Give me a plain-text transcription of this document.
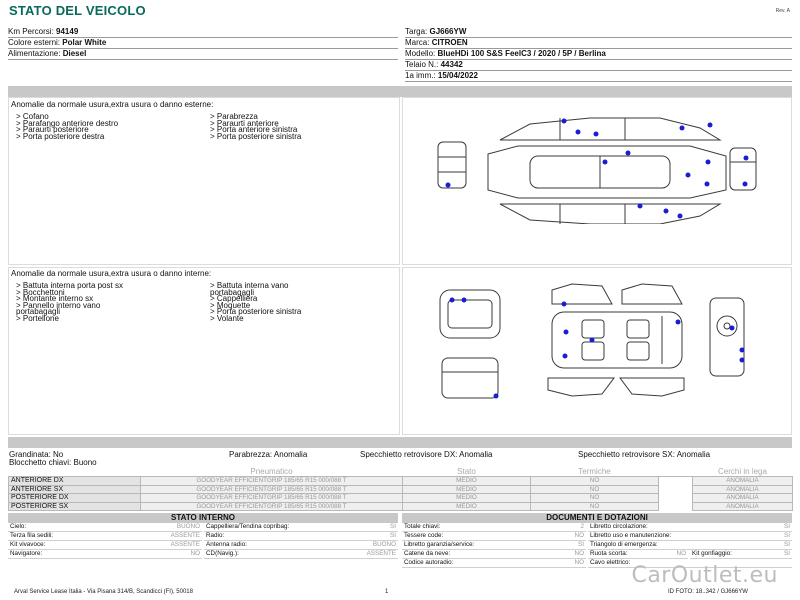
STATO DEL VEICOLO	Rev. A
Km Percorsi: 94149
Colore esterni: Polar White
Alimentazione: Diesel
Targa: GJ666YW
Marca: CITROEN
Modello: BlueHDi 100 S&S FeelC3 / 2020 / 5P / Berlina
Telaio N.: 44342
1a imm.: 15/04/2022
Anomalie da normale usura,extra usura o danno esterne:
> Cofano
> Parafango anteriore destro
> Paraurti posteriore
> Porta posteriore destra
> Parabrezza
> Paraurti anteriore
> Porta anteriore sinistra
> Porta posteriore sinistra
Anomalie da normale usura,extra usura o danno interne:
> Battuta interna porta post sx
> Bocchettoni
> Montante interno sx
> Pannello interno vano
portabagagli
> Portellone
> Battuta interna vano
portabagagli
> Cappelliera
> Moquette
> Porta posteriore sinistra
> Volante
Grandinata: No	Parabrezza: Anomalia	Specchietto retrovisore DX: Anomalia	Specchietto retrovisore SX: Anomalia
Blocchetto chiavi: Buono
	Pneumatico	Stato	Termiche		Cerchi in lega
ANTERIORE DX	GOODYEAR EFFICIENTGRIP 185/65 R15 000/088 T	MEDIO	NO		ANOMALIA
ANTERIORE SX	GOODYEAR EFFICIENTGRIP 185/65 R15 000/088 T	MEDIO	NO		ANOMALIA
POSTERIORE DX	GOODYEAR EFFICIENTGRIP 185/65 R15 000/088 T	MEDIO	NO		ANOMALIA
POSTERIORE SX	GOODYEAR EFFICIENTGRIP 185/65 R15 000/088 T	MEDIO	NO		ANOMALIA
STATO INTERNO
Cielo:	BUONO Cappelliera/Tendina copribag:	SI
Terza fila sedili:	ASSENTE Radio:	SI
Kit vivavoce:	ASSENTE Antenna radio:	BUONO
Navigatore:	NO CD(Navig.):	ASSENTE
DOCUMENTI E DOTAZIONI
Totale chiavi:	2 Libretto circolazione:	SI
Tessere code:	NO Libretto uso e manutenzione:	SI
Libretto garanzia/service:	SI Triangolo di emergenza:	SI
Catene da neve:	NO Ruota scorta:	NO Kit gonfiaggio:	SI
Codice autoradio:	NO Cavo elettrico:
CarOutlet.eu
Arval Service Lease Italia - Via Pisana 314/B, Scandicci (FI), 50018	1	ID FOTO: 18..342 / GJ666YW
